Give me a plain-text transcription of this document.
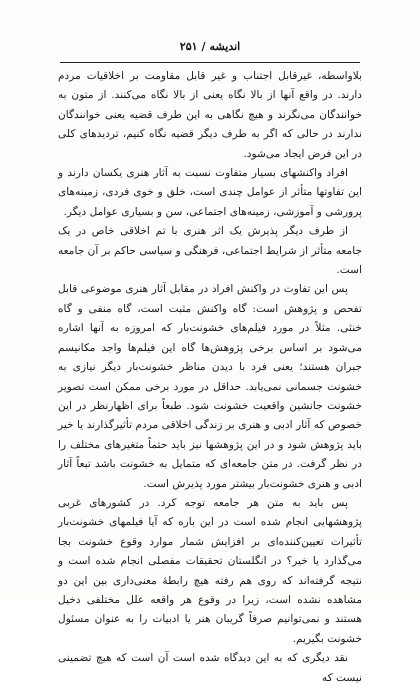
اندیشه/۲۵۱

بلاواسطه، غیرقابل اجتناب و غیر قابل مقاومت بر اخلاقیات مردم دارند. در واقع آنها از بالا نگاه یعنی از بالا نگاه می‌کنند. از متون به خوانندگان می‌نگرند و هیچ نگاهی به این طرف قضیه یعنی خوانندگان ندارند در حالی که اگر به طرف دیگر قضیه نگاه کنیم، تردیدهای کلی در این فرض ایجاد می‌شود.

افراد واکنشهای بسیار متفاوت نسبت به آثار هنری یکسان دارند و این تفاوتها متأثر از عوامل چندی است، خلق و خوی فردی، زمینه‌های پرورشی و آموزشی، زمینه‌های اجتماعی، سن و بسیاری عوامل دیگر.

از طرف دیگر پذیرش یک اثر هنری با تم اخلاقی خاص در یک جامعه متأثر از شرایط اجتماعی، فرهنگی و سیاسی حاکم بر آن جامعه است.

پس این تفاوت در واکنش افراد در مقابل آثار هنری موضوعی قابل تفحص و پژوهش است: گاه واکنش مثبت است، گاه منفی و گاه خنثی. مثلاً در مورد فیلم‌های خشونت‌بار که امروزه به آنها اشاره می‌شود بر اساس برخی پژوهش‌ها گاه این فیلم‌ها واجد مکانیسم جبران هستند؛ یعنی فرد با دیدن مناظر خشونت‌بار دیگر نیازی به خشونت جسمانی نمی‌یابد. حداقل در مورد برخی ممکن است تصویر خشونت جانشین واقعیت خشونت شود. طبعاً برای اظهارنظر در این خصوص که آثار ادبی و هنری بر زندگی اخلاقی مردم تأثیرگذارند یا خیر باید پژوهش شود و در این پژوهشها نیز باید حتماً متغیرهای مختلف را در نظر گرفت. در متن جامعه‌ای که متمایل به خشونت باشد تبعاً آثار ادبی و هنری خشونت‌بار بیشتر مورد پذیرش است.

پس باید به متن هر جامعه توجه کرد. در کشورهای غربی پژوهشهایی انجام شده است در این باره که آیا فیلمهای خشونت‌بار تأثیرات تعیین‌کننده‌ای بر افزایش شمار موارد وقوع خشونت بجا می‌گذارد یا خیر؟ در انگلستان تحقیقات مفصلی انجام شده است و نتیجه گرفته‌اند که روی هم رفته هیچ رابطهٔ معنی‌داری بین این دو مشاهده نشده است، زیرا در وقوع هر واقعه علل مختلفی دخیل هستند و نمی‌توانیم صرفاً گریبان هنر یا ادبیات را به عنوان مسئول خشونت بگیریم.

نقد دیگری که به این دیدگاه شده است آن است که هیچ تضمینی نیست که
